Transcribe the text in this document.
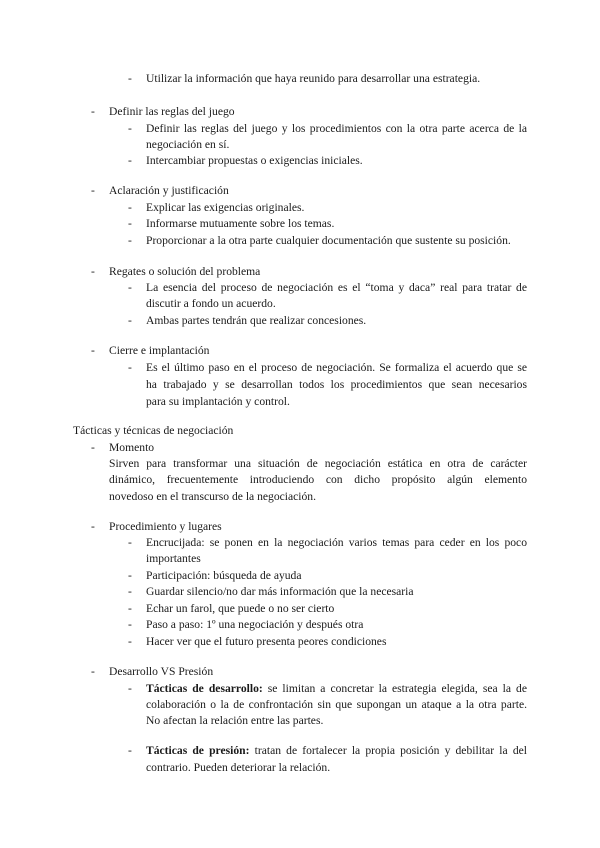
- Utilizar la información que haya reunido para desarrollar una estrategia.
- Definir las reglas del juego
- Definir las reglas del juego y los procedimientos con la otra parte acerca de la
negociación en sí.
- Intercambiar propuestas o exigencias iniciales.
- Aclaración y justificación
- Explicar las exigencias originales.
- Informarse mutuamente sobre los temas.
- Proporcionar a la otra parte cualquier documentación que sustente su posición.
- Regates o solución del problema
- La esencia del proceso de negociación es el “toma y daca” real para tratar de
discutir a fondo un acuerdo.
- Ambas partes tendrán que realizar concesiones.
- Cierre e implantación
- Es el último paso en el proceso de negociación. Se formaliza el acuerdo que se
ha trabajado y se desarrollan todos los procedimientos que sean necesarios
para su implantación y control.
Tácticas y técnicas de negociación
- Momento
Sirven para transformar una situación de negociación estática en otra de carácter
dinámico, frecuentemente introduciendo con dicho propósito algún elemento
novedoso en el transcurso de la negociación.
- Procedimiento y lugares
- Encrucijada: se ponen en la negociación varios temas para ceder en los poco
importantes
- Participación: búsqueda de ayuda
- Guardar silencio/no dar más información que la necesaria
- Echar un farol, que puede o no ser cierto
- Paso a paso: 1º una negociación y después otra
- Hacer ver que el futuro presenta peores condiciones
- Desarrollo VS Presión
- Tácticas de desarrollo: se limitan a concretar la estrategia elegida, sea la de
colaboración o la de confrontación sin que supongan un ataque a la otra parte.
No afectan la relación entre las partes.
- Tácticas de presión: tratan de fortalecer la propia posición y debilitar la del
contrario. Pueden deteriorar la relación.
